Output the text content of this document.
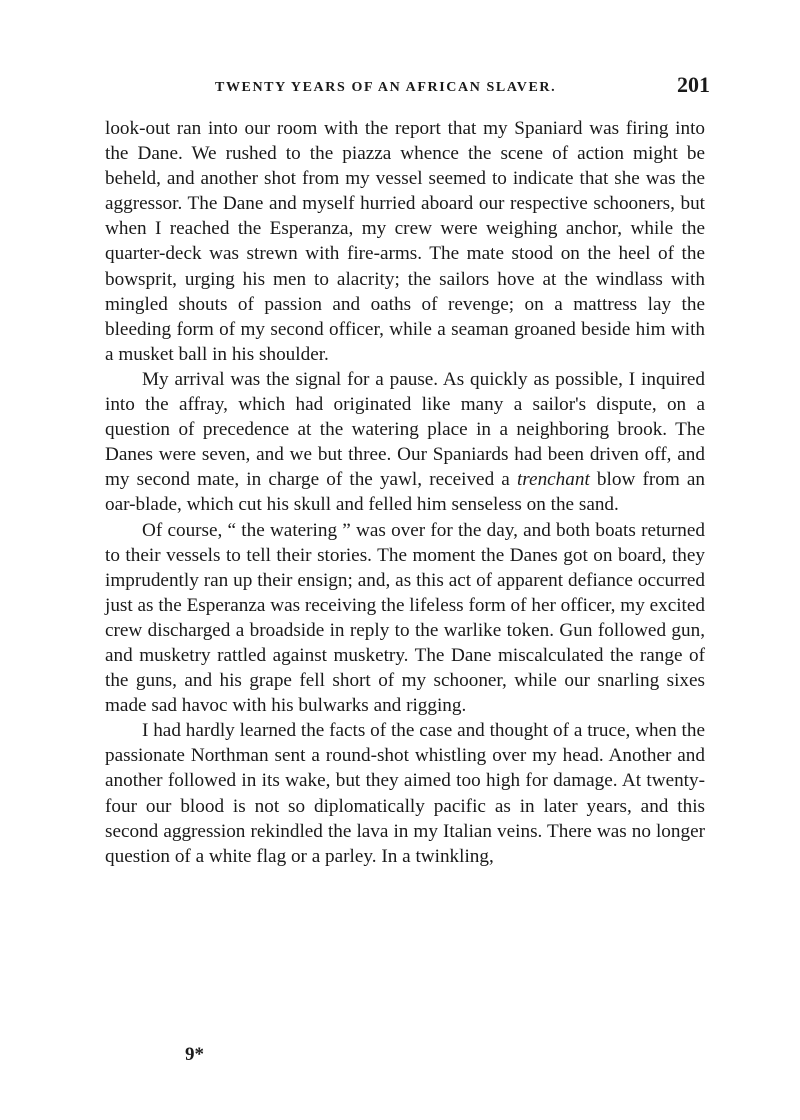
TWENTY YEARS OF AN AFRICAN SLAVER.	201

look-out ran into our room with the report that my Spaniard was firing into the Dane. We rushed to the piazza whence the scene of action might be beheld, and another shot from my vessel seemed to indicate that she was the aggressor. The Dane and myself hurried aboard our respective schooners, but when I reached the Esperanza, my crew were weighing anchor, while the quarter-deck was strewn with fire-arms. The mate stood on the heel of the bowsprit, urging his men to alacrity; the sailors hove at the windlass with mingled shouts of passion and oaths of revenge; on a mattress lay the bleeding form of my second officer, while a seaman groaned beside him with a musket ball in his shoulder.

My arrival was the signal for a pause. As quickly as possible, I inquired into the affray, which had originated like many a sailor's dispute, on a question of precedence at the watering place in a neighboring brook. The Danes were seven, and we but three. Our Spaniards had been driven off, and my second mate, in charge of the yawl, received a trenchant blow from an oar-blade, which cut his skull and felled him senseless on the sand.

Of course, “ the watering ” was over for the day, and both boats returned to their vessels to tell their stories. The moment the Danes got on board, they imprudently ran up their ensign; and, as this act of apparent defiance occurred just as the Esperanza was receiving the lifeless form of her officer, my excited crew discharged a broadside in reply to the warlike token. Gun followed gun, and musketry rattled against musketry. The Dane miscalculated the range of the guns, and his grape fell short of my schooner, while our snarling sixes made sad havoc with his bulwarks and rigging.

I had hardly learned the facts of the case and thought of a truce, when the passionate Northman sent a round-shot whistling over my head. Another and another followed in its wake, but they aimed too high for damage. At twenty-four our blood is not so diplomatically pacific as in later years, and this second aggression rekindled the lava in my Italian veins. There was no longer question of a white flag or a parley. In a twinkling,

9*
